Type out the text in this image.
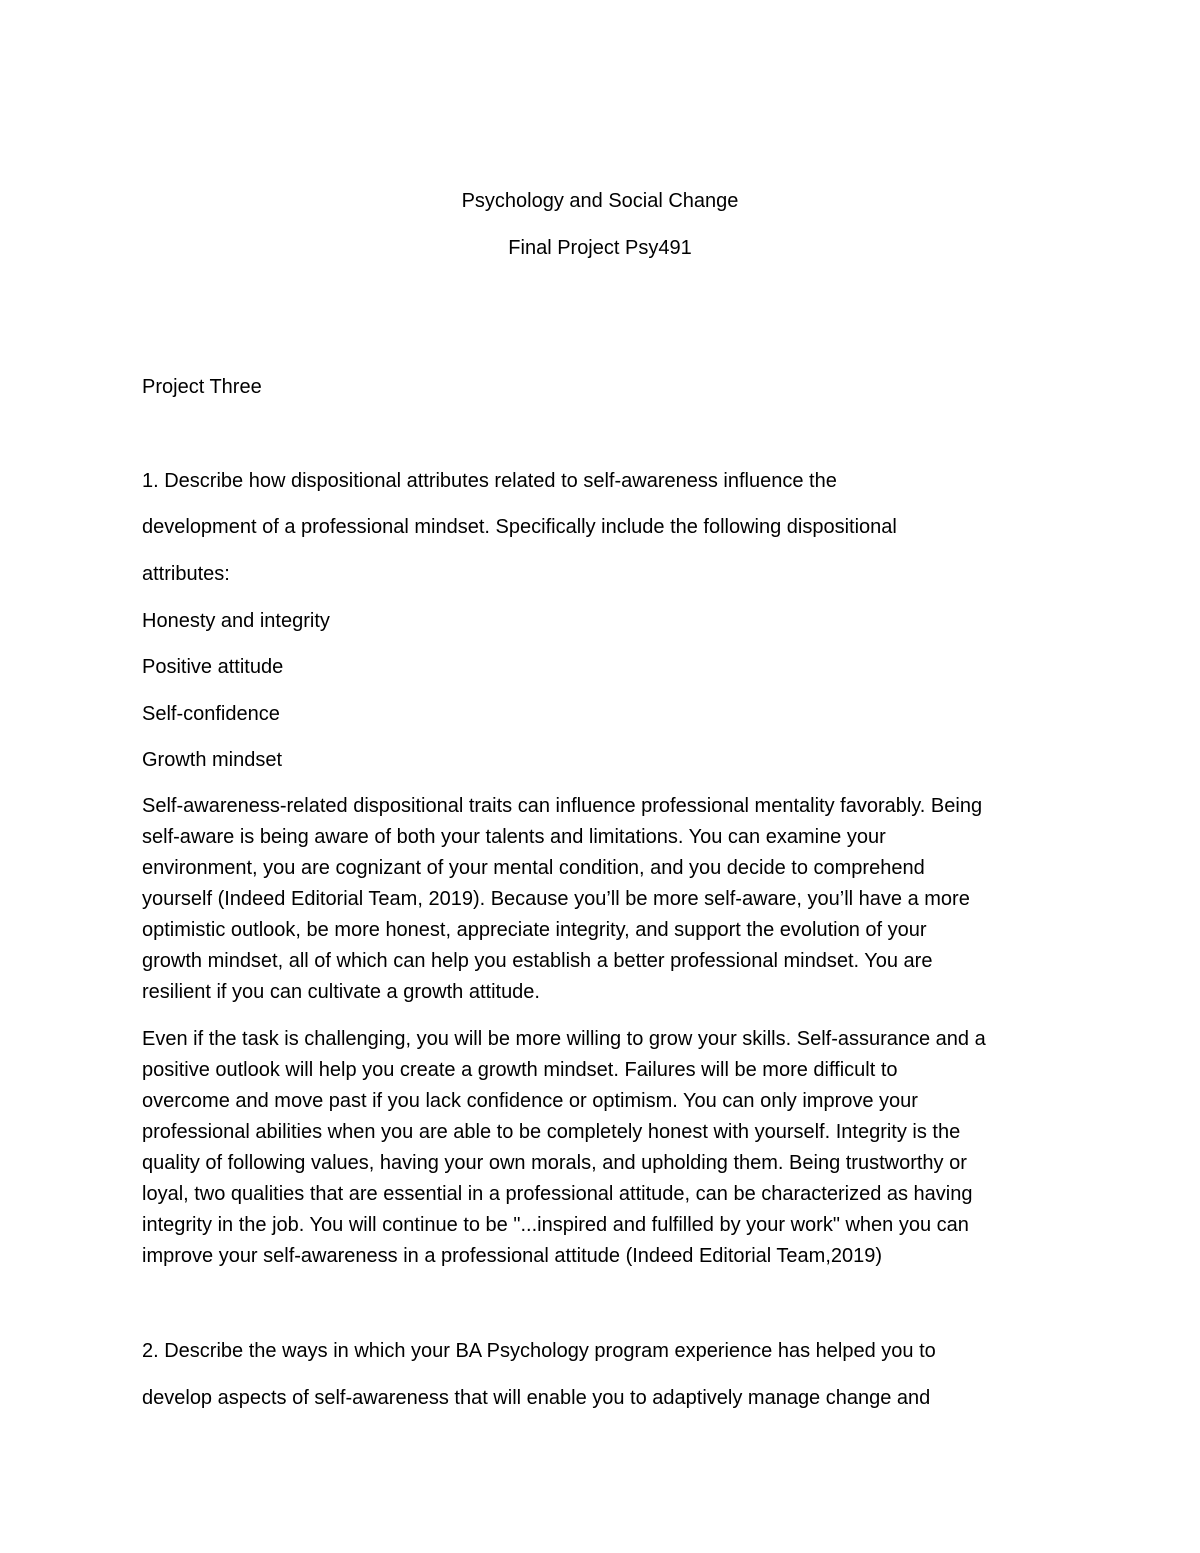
Psychology and Social Change
Final Project Psy491
Project Three
1. Describe how dispositional attributes related to self-awareness influence the
development of a professional mindset. Specifically include the following dispositional
attributes:
Honesty and integrity
Positive attitude
Self-confidence
Growth mindset
Self-awareness-related dispositional traits can influence professional mentality favorably. Being
self-aware is being aware of both your talents and limitations. You can examine your
environment, you are cognizant of your mental condition, and you decide to comprehend
yourself (Indeed Editorial Team, 2019). Because you’ll be more self-aware, you’ll have a more
optimistic outlook, be more honest, appreciate integrity, and support the evolution of your
growth mindset, all of which can help you establish a better professional mindset. You are
resilient if you can cultivate a growth attitude.
Even if the task is challenging, you will be more willing to grow your skills. Self-assurance and a
positive outlook will help you create a growth mindset. Failures will be more difficult to
overcome and move past if you lack confidence or optimism. You can only improve your
professional abilities when you are able to be completely honest with yourself. Integrity is the
quality of following values, having your own morals, and upholding them. Being trustworthy or
loyal, two qualities that are essential in a professional attitude, can be characterized as having
integrity in the job. You will continue to be "...inspired and fulfilled by your work" when you can
improve your self-awareness in a professional attitude (Indeed Editorial Team,2019)
2. Describe the ways in which your BA Psychology program experience has helped you to
develop aspects of self-awareness that will enable you to adaptively manage change and
